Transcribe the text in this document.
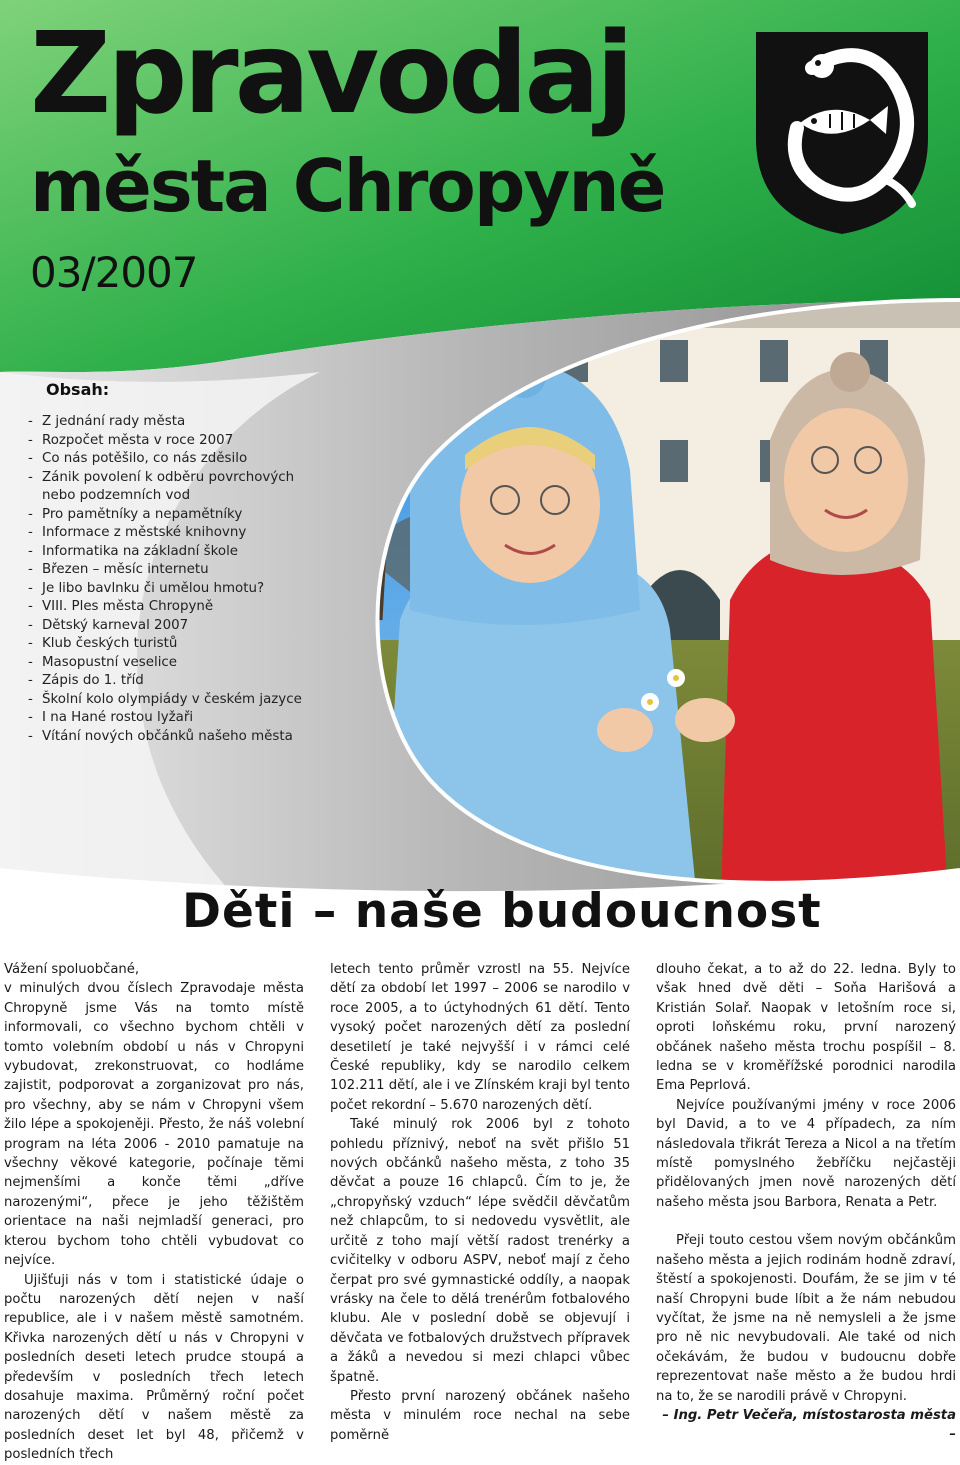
Zpravodaj
města Chropyně
03/2007
Obsah:
- Z jednání rady města
- Rozpočet města v roce 2007
- Co nás potěšilo, co nás zděsilo
- Zánik povolení k odběru povrchových
nebo podzemních vod
- Pro pamětníky a nepamětníky
- Informace z městské knihovny
- Informatika na základní škole
- Březen – měsíc internetu
- Je libo bavlnku či umělou hmotu?
- VIII. Ples města Chropyně
- Dětský karneval 2007
- Klub českých turistů
- Masopustní veselice
- Zápis do 1. tříd
- Školní kolo olympiády v českém jazyce
- I na Hané rostou lyžaři
- Vítání nových občánků našeho města
Děti – naše budoucnost

Vážení spoluobčané,

v minulých dvou číslech Zpravodaje města Chropyně jsme Vás na tomto místě informovali, co všechno bychom chtěli v tomto volebním období u nás v Chropyni vybudovat, zrekonstruovat, co hodláme zajistit, podporovat a zorganizovat pro nás, pro všechny, aby se nám v Chropyni všem žilo lépe a spokojeněji. Přesto, že náš volební program na léta 2006 - 2010 pamatuje na všechny věkové kategorie, počínaje těmi nejmenšími a konče těmi „dříve narozenými“, přece je jeho těžištěm orientace na naši nejmladší generaci, pro kterou bychom toho chtěli vybudovat co nejvíce.

Ujišťuji nás v tom i statistické údaje o počtu narozených dětí nejen v naší republice, ale i v našem městě samotném. Křivka narozených dětí u nás v Chropyni v posledních deseti letech prudce stoupá a především v posledních třech letech dosahuje maxima. Průměrný roční počet narozených dětí v našem městě za posledních deset let byl 48, přičemž v posledních třech

letech tento průměr vzrostl na 55. Nejvíce dětí za období let 1997 – 2006 se narodilo v roce 2005, a to úctyhodných 61 dětí. Tento vysoký počet narozených dětí za poslední desetiletí je také nejvyšší i v rámci celé České republiky, kdy se narodilo celkem 102.211 dětí, ale i ve Zlínském kraji byl tento počet rekordní – 5.670 narozených dětí.

Také minulý rok 2006 byl z tohoto pohledu příznivý, neboť na svět přišlo 51 nových občánků našeho města, z toho 35 děvčat a pouze 16 chlapců. Čím to je, že „chropyňský vzduch“ lépe svědčil děvčatům než chlapcům, to si nedovedu vysvětlit, ale určitě z toho mají větší radost trenérky a cvičitelky v odboru ASPV, neboť mají z čeho čerpat pro své gymnastické oddíly, a naopak vrásky na čele to dělá trenérům fotbalového klubu. Ale v poslední době se objevují i děvčata ve fotbalových družstvech přípravek a žáků a nevedou si mezi chlapci vůbec špatně.

Přesto první narozený občánek našeho města v minulém roce nechal na sebe poměrně

dlouho čekat, a to až do 22. ledna. Byly to však hned dvě děti – Soňa Harišová a Kristián Solař. Naopak v letošním roce si, oproti loňskému roku, první narozený občánek našeho města trochu pospíšil – 8. ledna se v kroměřížské porodnici narodila Ema Peprlová.

Nejvíce používanými jmény v roce 2006 byl David, a to ve 4 případech, za ním následovala třikrát Tereza a Nicol a na třetím místě pomyslného žebříčku nejčastěji přidělovaných jmen nově narozených dětí našeho města jsou Barbora, Renata a Petr.

Přeji touto cestou všem novým občánkům našeho města a jejich rodinám hodně zdraví, štěstí a spokojenosti. Doufám, že se jim v té naší Chropyni bude líbit a že nám nebudou vyčítat, že jsme na ně nemysleli a že jsme pro ně nic nevybudovali. Ale také od nich očekávám, že budou v budoucnu dobře reprezentovat naše město a že budou hrdi na to, že se narodili právě v Chropyni.

– Ing. Petr Večeřa, místostarosta města –
